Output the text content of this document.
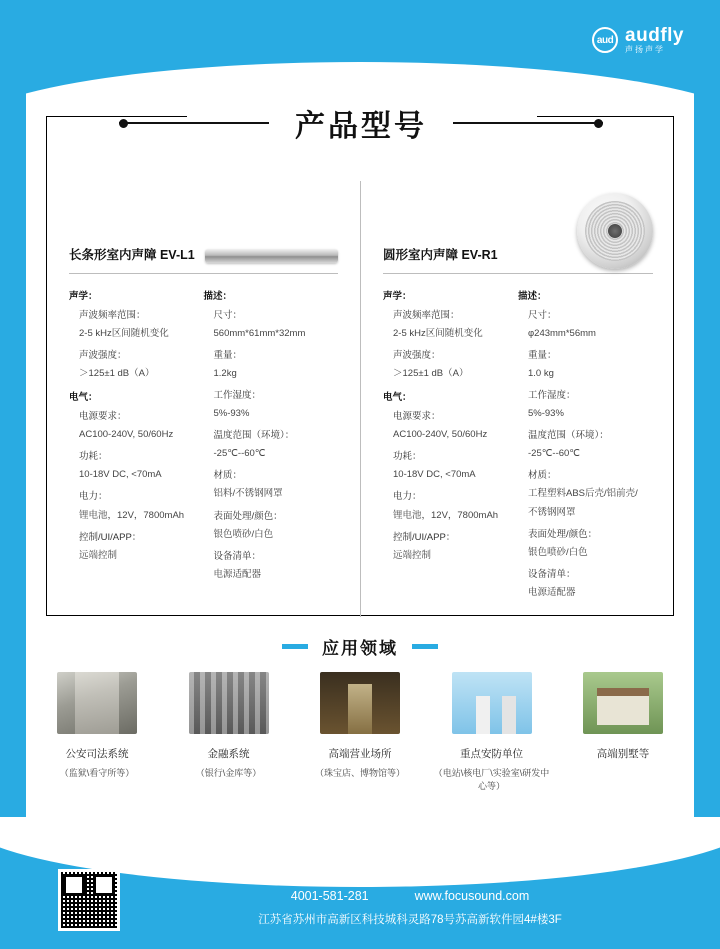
aud audfly
声扬声学
产品型号
长条形室内声障 EV-L1
声学：
声波频率范围：
2-5 kHz区间随机变化
声波强度：
＞125±1 dB（A）
电气：
电源要求：
AC100-240V, 50/60Hz
功耗：
10-18V DC, <70mA
电力：
锂电池，12V，7800mAh
控制/UI/APP：
远端控制
描述：
尺寸：
560mm*61mm*32mm
重量：
1.2kg
工作湿度：
5%-93%
温度范围（环境）：
-25℃--60℃
材质：
铝料/不锈钢网罩
表面处理/颜色：
银色喷砂/白色
设备清单：
电源适配器
圆形室内声障 EV-R1
声学：
声波频率范围：
2-5 kHz区间随机变化
声波强度：
＞125±1 dB（A）
电气：
电源要求：
AC100-240V, 50/60Hz
功耗：
10-18V DC, <70mA
电力：
锂电池，12V，7800mAh
控制/UI/APP：
远端控制
描述：
尺寸：
φ243mm*56mm
重量：
1.0 kg
工作湿度：
5%-93%
温度范围（环境）：
-25℃--60℃
材质：
工程塑料ABS后壳/铝前壳/不锈钢网罩
表面处理/颜色：
银色喷砂/白色
设备清单：
电源适配器
应用领域
公安司法系统
（监狱\看守所等）
金融系统
（银行\金库等）
高端营业场所
（珠宝店、博物馆等）
重点安防单位
（电站\核电厂\实验室\研发中心等）
高端别墅等
4001-581-281	www.focusound.com
江苏省苏州市高新区科技城科灵路78号苏高新软件园4#楼3F
